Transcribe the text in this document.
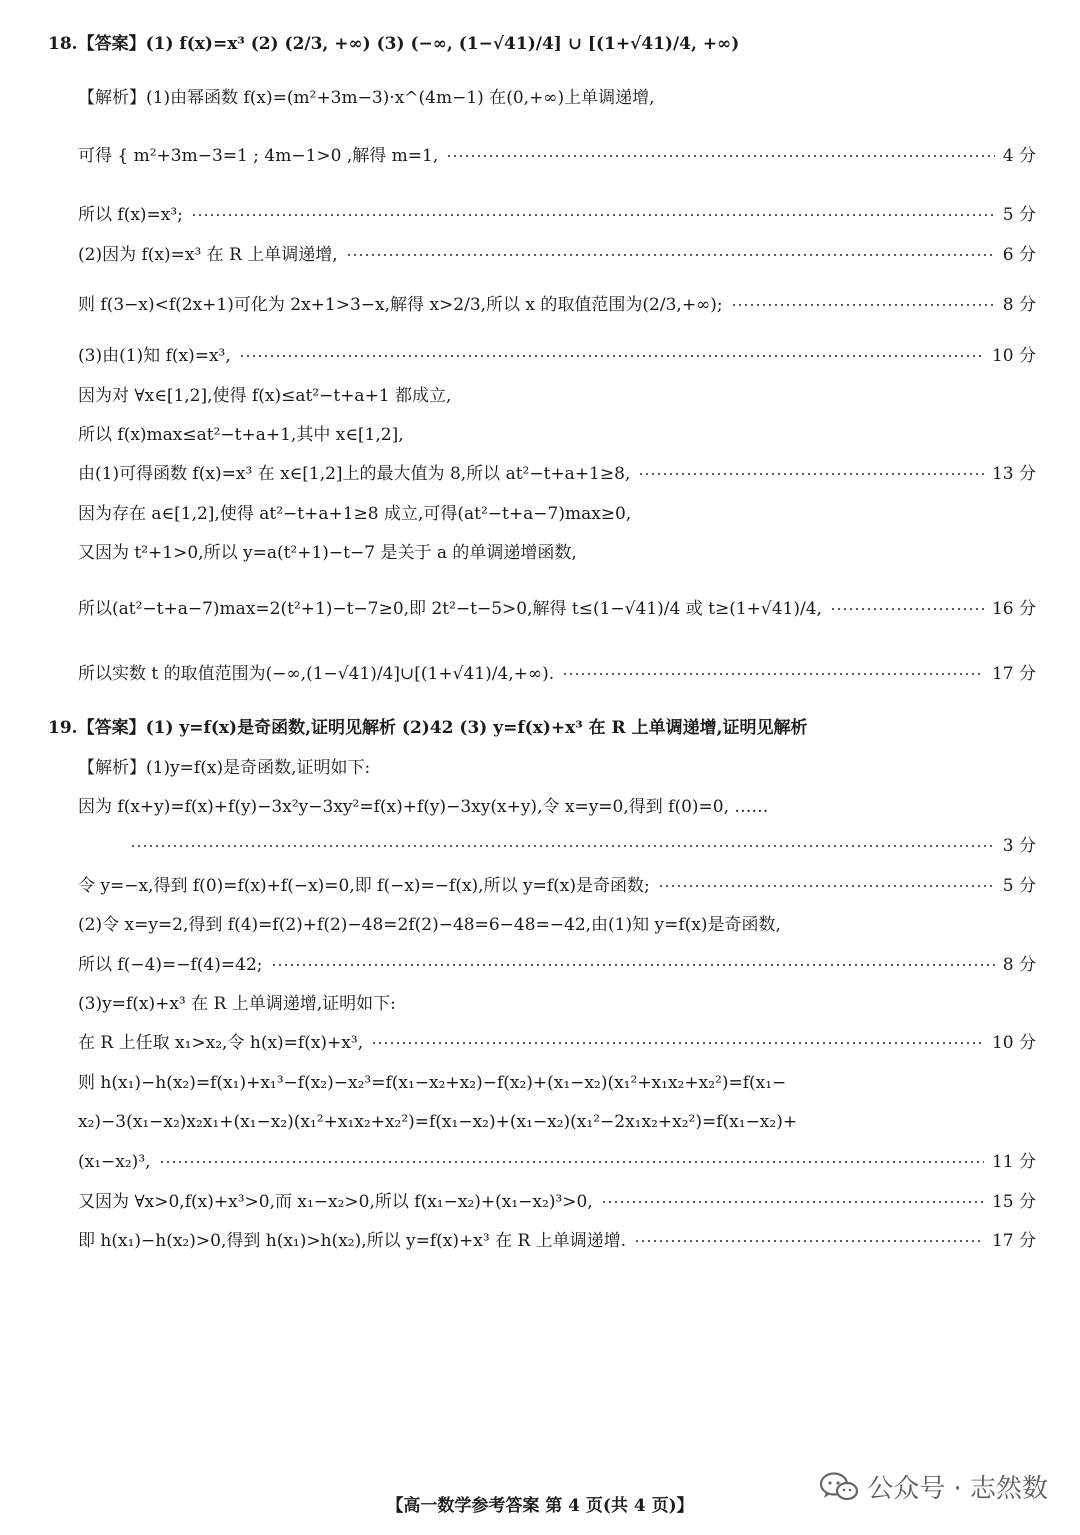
18.【答案】(1) f(x)=x³ (2) (2/3, +∞) (3) (−∞, (1−√41)/4] ∪ [(1+√41)/4, +∞)
【解析】(1)由幂函数 f(x)=(m²+3m−3)·x^(4m−1) 在(0,+∞)上单调递增,
可得 { m²+3m−3=1 ; 4m−1>0 ,解得 m=1,	4 分
所以 f(x)=x³;	5 分
(2)因为 f(x)=x³ 在 R 上单调递增,	6 分
则 f(3−x)<f(2x+1)可化为 2x+1>3−x,解得 x>2/3,所以 x 的取值范围为(2/3,+∞);	8 分
(3)由(1)知 f(x)=x³,	10 分
因为对 ∀x∈[1,2],使得 f(x)≤at²−t+a+1 都成立,
所以 f(x)max≤at²−t+a+1,其中 x∈[1,2],
由(1)可得函数 f(x)=x³ 在 x∈[1,2]上的最大值为 8,所以 at²−t+a+1≥8,	13 分
因为存在 a∈[1,2],使得 at²−t+a+1≥8 成立,可得(at²−t+a−7)max≥0,
又因为 t²+1>0,所以 y=a(t²+1)−t−7 是关于 a 的单调递增函数,
所以(at²−t+a−7)max=2(t²+1)−t−7≥0,即 2t²−t−5>0,解得 t≤(1−√41)/4 或 t≥(1+√41)/4,	16 分
所以实数 t 的取值范围为(−∞,(1−√41)/4]∪[(1+√41)/4,+∞).	17 分
19.【答案】(1) y=f(x)是奇函数,证明见解析 (2)42 (3) y=f(x)+x³ 在 R 上单调递增,证明见解析
【解析】(1)y=f(x)是奇函数,证明如下:
因为 f(x+y)=f(x)+f(y)−3x²y−3xy²=f(x)+f(y)−3xy(x+y),令 x=y=0,得到 f(0)=0, ……
3 分
令 y=−x,得到 f(0)=f(x)+f(−x)=0,即 f(−x)=−f(x),所以 y=f(x)是奇函数;	5 分
(2)令 x=y=2,得到 f(4)=f(2)+f(2)−48=2f(2)−48=6−48=−42,由(1)知 y=f(x)是奇函数,
所以 f(−4)=−f(4)=42;	8 分
(3)y=f(x)+x³ 在 R 上单调递增,证明如下:
在 R 上任取 x₁>x₂,令 h(x)=f(x)+x³,	10 分
则 h(x₁)−h(x₂)=f(x₁)+x₁³−f(x₂)−x₂³=f(x₁−x₂+x₂)−f(x₂)+(x₁−x₂)(x₁²+x₁x₂+x₂²)=f(x₁−
x₂)−3(x₁−x₂)x₂x₁+(x₁−x₂)(x₁²+x₁x₂+x₂²)=f(x₁−x₂)+(x₁−x₂)(x₁²−2x₁x₂+x₂²)=f(x₁−x₂)+
(x₁−x₂)³,	11 分
又因为 ∀x>0,f(x)+x³>0,而 x₁−x₂>0,所以 f(x₁−x₂)+(x₁−x₂)³>0,	15 分
即 h(x₁)−h(x₂)>0,得到 h(x₁)>h(x₂),所以 y=f(x)+x³ 在 R 上单调递增.	17 分
【高一数学参考答案 第 4 页(共 4 页)】
公众号 · 志然数
